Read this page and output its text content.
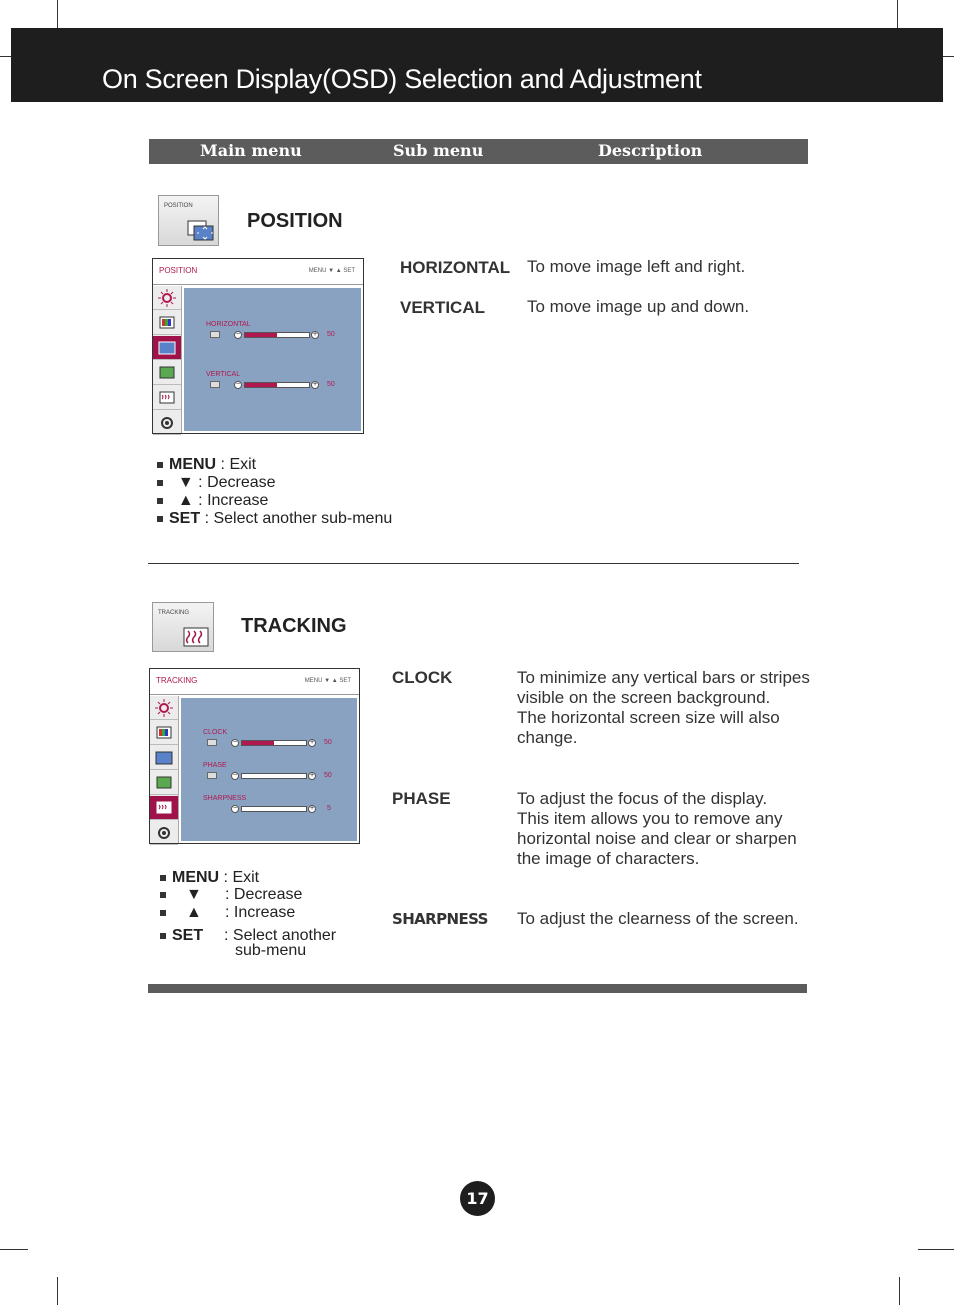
On Screen Display(OSD) Selection and Adjustment
Main menu	Sub menu	Description
POSITION
POSITION
POSITION	MENU ▼ ▲ SET
HORIZONTAL
−	+ 50
VERTICAL
−	+ 50
MENU : Exit
▼ : Decrease
▲ : Increase
SET : Select another sub-menu
HORIZONTAL To move image left and right.
VERTICAL To move image up and down.
TRACKING
TRACKING
TRACKING	MENU ▼ ▲ SET
CLOCK
−	+ 50
PHASE
−	+ 50
SHARPNESS
−	+ 5
MENU : Exit
▼ : Decrease
▲ : Increase
SET : Select another
sub-menu
CLOCK	To minimize any vertical bars or stripes
visible on the screen background.
The horizontal screen size will also
change.
PHASE	To adjust the focus of the display.
This item allows you to remove any
horizontal noise and clear or sharpen
the image of characters.
SHARPNESS To adjust the clearness of the screen.
17
